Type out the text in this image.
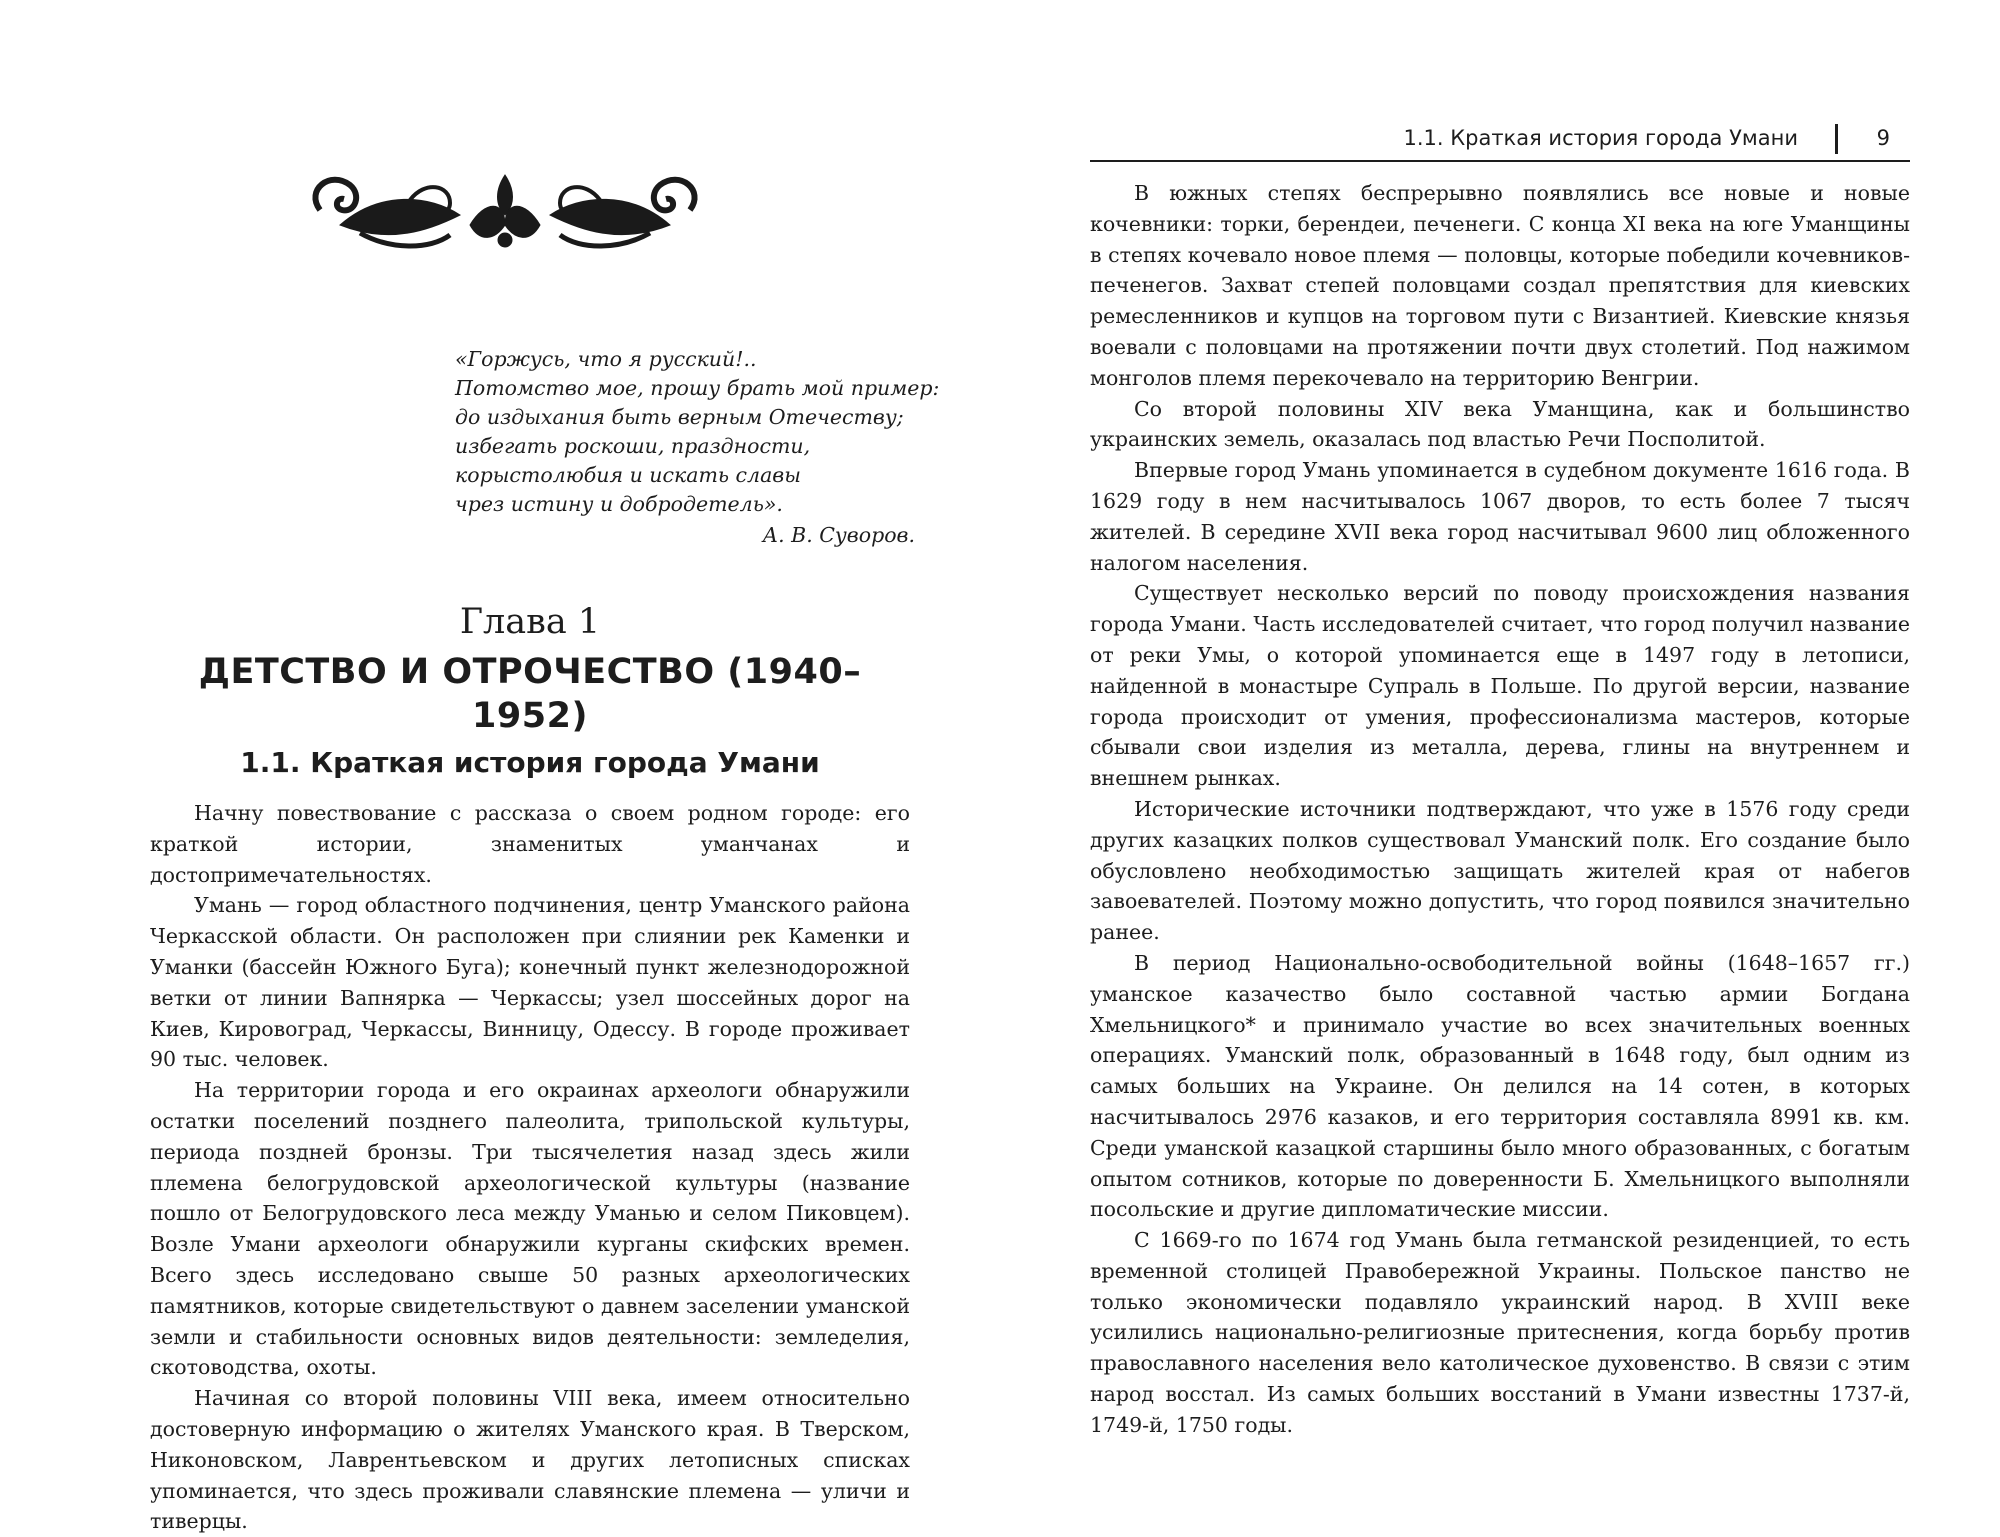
«Горжусь, что я русский!..
Потомство мое, прошу брать мой пример:
до издыхания быть верным Отечеству;
избегать роскоши, праздности,
корыстолюбия и искать славы
чрез истину и добродетель».
А. В. Суворов.
Глава 1
ДЕТСТВО И ОТРОЧЕСТВО (1940–1952)
1.1. Краткая история города Умани

Начну повествование с рассказа о своем родном городе: его краткой истории, знаменитых уманчанах и достопримечательностях.

Умань — город областного подчинения, центр Уманского района Черкасской области. Он расположен при слиянии рек Каменки и Уманки (бассейн Южного Буга); конечный пункт железнодорожной ветки от линии Вапнярка — Черкассы; узел шоссейных дорог на Киев, Кировоград, Черкассы, Винницу, Одессу. В городе проживает 90 тыс. человек.

На территории города и его окраинах археологи обнаружили остатки поселений позднего палеолита, трипольской культуры, периода поздней бронзы. Три тысячелетия назад здесь жили племена белогрудовской археологической культуры (название пошло от Белогрудовского леса между Уманью и селом Пиковцем). Возле Умани археологи обнаружили курганы скифских времен. Всего здесь исследовано свыше 50 разных археологических памятников, которые свидетельствуют о давнем заселении уманской земли и стабильности основных видов деятельности: земледелия, скотоводства, охоты.

Начиная со второй половины VIII века, имеем относительно достоверную информацию о жителях Уманского края. В Тверском, Никоновском, Лаврентьевском и других летописных списках упоминается, что здесь проживали славянские племена — уличи и тиверцы.

1.1. Краткая история города Умани	9

В южных степях беспрерывно появлялись все новые и новые кочевники: торки, берендеи, печенеги. С конца XI века на юге Уманщины в степях кочевало новое племя — половцы, которые победили кочевников-печенегов. Захват степей половцами создал препятствия для киевских ремесленников и купцов на торговом пути с Византией. Киевские князья воевали с половцами на протяжении почти двух столетий. Под нажимом монголов племя перекочевало на территорию Венгрии.

Со второй половины XIV века Уманщина, как и большинство украинских земель, оказалась под властью Речи Посполитой.

Впервые город Умань упоминается в судебном документе 1616 года. В 1629 году в нем насчитывалось 1067 дворов, то есть более 7 тысяч жителей. В середине XVII века город насчитывал 9600 лиц обложенного налогом населения.

Существует несколько версий по поводу происхождения названия города Умани. Часть исследователей считает, что город получил название от реки Умы, о которой упоминается еще в 1497 году в летописи, найденной в монастыре Супраль в Польше. По другой версии, название города происходит от умения, профессионализма мастеров, которые сбывали свои изделия из металла, дерева, глины на внутреннем и внешнем рынках.

Исторические источники подтверждают, что уже в 1576 году среди других казацких полков существовал Уманский полк. Его создание было обусловлено необходимостью защищать жителей края от набегов завоевателей. Поэтому можно допустить, что город появился значительно ранее.

В период Национально-освободительной войны (1648–1657 гг.) уманское казачество было составной частью армии Богдана Хмельницкого* и принимало участие во всех значительных военных операциях. Уманский полк, образованный в 1648 году, был одним из самых больших на Украине. Он делился на 14 сотен, в которых насчитывалось 2976 казаков, и его территория составляла 8991 кв. км. Среди уманской казацкой старшины было много образованных, с богатым опытом сотников, которые по доверенности Б. Хмельницкого выполняли посольские и другие дипломатические миссии.

С 1669-го по 1674 год Умань была гетманской резиденцией, то есть временной столицей Правобережной Украины. Польское панство не только экономически подавляло украинский народ. В XVIII веке усилились национально-религиозные притеснения, когда борьбу против православного населения вело католическое духовенство. В связи с этим народ восстал. Из самых больших восстаний в Умани известны 1737-й, 1749-й, 1750 годы.
